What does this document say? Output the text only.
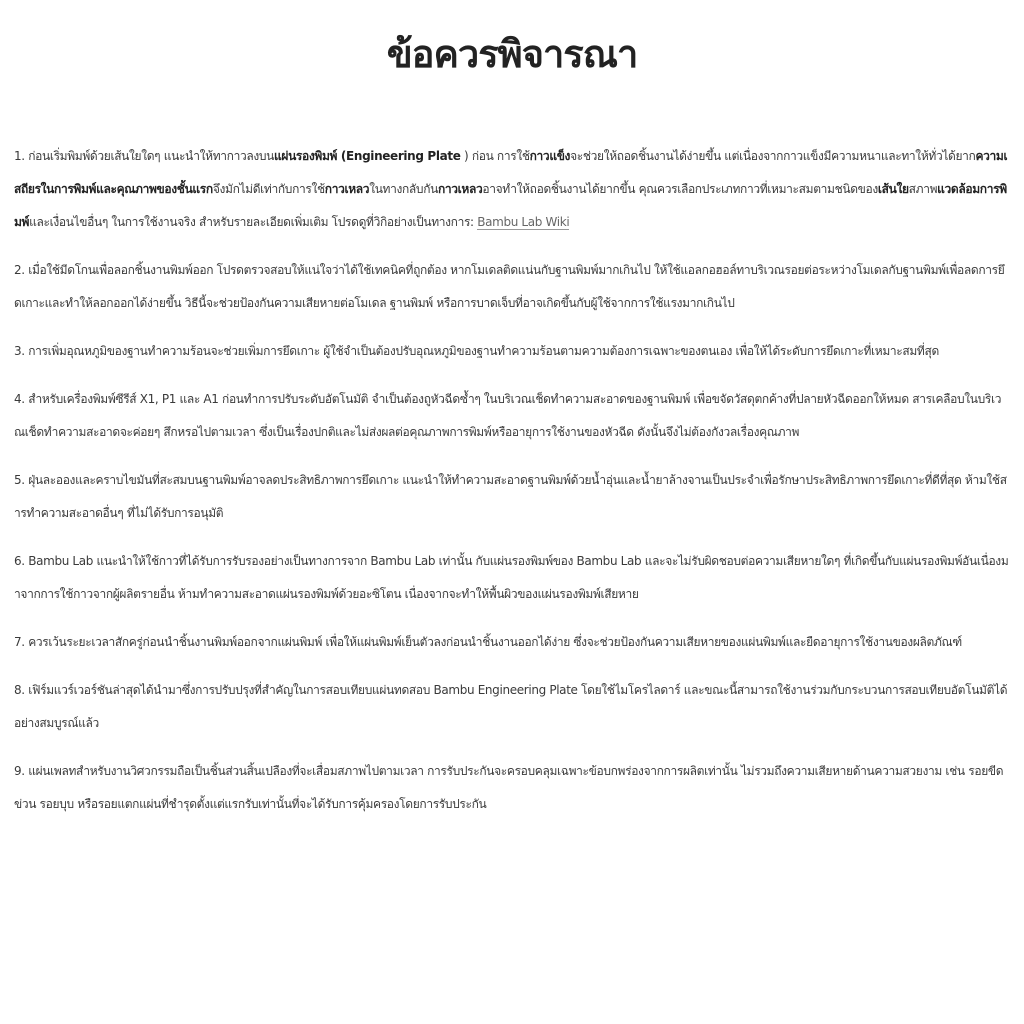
ข้อควรพิจารณา
1. ก่อนเริ่มพิมพ์ด้วยเส้นใยใดๆ แนะนำให้ทากาวลงบนแผ่นรองพิมพ์ (Engineering Plate ) ก่อน การใช้กาวแข็งจะช่วยให้ถอดชิ้นงานได้ง่ายขึ้น แต่เนื่องจากกาวแข็งมีความหนาและทาให้ทั่วได้ยากความเสถียรในการพิมพ์และคุณภาพของชั้นแรกจึงมักไม่ดีเท่ากับการใช้กาวเหลวในทางกลับกันกาวเหลวอาจทำให้ถอดชิ้นงานได้ยากขึ้น คุณควรเลือกประเภทกาวที่เหมาะสมตามชนิดของเส้นใยสภาพแวดล้อมการพิมพ์และเงื่อนไขอื่นๆ ในการใช้งานจริง สำหรับรายละเอียดเพิ่มเติม โปรดดูที่วิกิอย่างเป็นทางการ: Bambu Lab Wiki
2. เมื่อใช้มีดโกนเพื่อลอกชิ้นงานพิมพ์ออก โปรดตรวจสอบให้แน่ใจว่าได้ใช้เทคนิคที่ถูกต้อง หากโมเดลติดแน่นกับฐานพิมพ์มากเกินไป ให้ใช้แอลกอฮอล์ทาบริเวณรอยต่อระหว่างโมเดลกับฐานพิมพ์เพื่อลดการยึดเกาะและทำให้ลอกออกได้ง่ายขึ้น วิธีนี้จะช่วยป้องกันความเสียหายต่อโมเดล ฐานพิมพ์ หรือการบาดเจ็บที่อาจเกิดขึ้นกับผู้ใช้จากการใช้แรงมากเกินไป
3. การเพิ่มอุณหภูมิของฐานทำความร้อนจะช่วยเพิ่มการยึดเกาะ ผู้ใช้จำเป็นต้องปรับอุณหภูมิของฐานทำความร้อนตามความต้องการเฉพาะของตนเอง เพื่อให้ได้ระดับการยึดเกาะที่เหมาะสมที่สุด
4. สำหรับเครื่องพิมพ์ซีรีส์ X1, P1 และ A1 ก่อนทำการปรับระดับอัตโนมัติ จำเป็นต้องถูหัวฉีดซ้ำๆ ในบริเวณเช็ดทำความสะอาดของฐานพิมพ์ เพื่อขจัดวัสดุตกค้างที่ปลายหัวฉีดออกให้หมด สารเคลือบในบริเวณเช็ดทำความสะอาดจะค่อยๆ สึกหรอไปตามเวลา ซึ่งเป็นเรื่องปกติและไม่ส่งผลต่อคุณภาพการพิมพ์หรืออายุการใช้งานของหัวฉีด ดังนั้นจึงไม่ต้องกังวลเรื่องคุณภาพ
5. ฝุ่นละอองและคราบไขมันที่สะสมบนฐานพิมพ์อาจลดประสิทธิภาพการยึดเกาะ แนะนำให้ทำความสะอาดฐานพิมพ์ด้วยน้ำอุ่นและน้ำยาล้างจานเป็นประจำเพื่อรักษาประสิทธิภาพการยึดเกาะที่ดีที่สุด ห้ามใช้สารทำความสะอาดอื่นๆ ที่ไม่ได้รับการอนุมัติ
6. Bambu Lab แนะนำให้ใช้กาวที่ได้รับการรับรองอย่างเป็นทางการจาก Bambu Lab เท่านั้น กับแผ่นรองพิมพ์ของ Bambu Lab และจะไม่รับผิดชอบต่อความเสียหายใดๆ ที่เกิดขึ้นกับแผ่นรองพิมพ์อันเนื่องมาจากการใช้กาวจากผู้ผลิตรายอื่น ห้ามทำความสะอาดแผ่นรองพิมพ์ด้วยอะซิโตน เนื่องจากจะทำให้พื้นผิวของแผ่นรองพิมพ์เสียหาย
7. ควรเว้นระยะเวลาสักครู่ก่อนนำชิ้นงานพิมพ์ออกจากแผ่นพิมพ์ เพื่อให้แผ่นพิมพ์เย็นตัวลงก่อนนำชิ้นงานออกได้ง่าย ซึ่งจะช่วยป้องกันความเสียหายของแผ่นพิมพ์และยืดอายุการใช้งานของผลิตภัณฑ์
8. เฟิร์มแวร์เวอร์ชันล่าสุดได้นำมาซึ่งการปรับปรุงที่สำคัญในการสอบเทียบแผ่นทดสอบ Bambu Engineering Plate โดยใช้ไมโครไลดาร์ และขณะนี้สามารถใช้งานร่วมกับกระบวนการสอบเทียบอัตโนมัติได้อย่างสมบูรณ์แล้ว
9. แผ่นเพลทสำหรับงานวิศวกรรมถือเป็นชิ้นส่วนสิ้นเปลืองที่จะเสื่อมสภาพไปตามเวลา การรับประกันจะครอบคลุมเฉพาะข้อบกพร่องจากการผลิตเท่านั้น ไม่รวมถึงความเสียหายด้านความสวยงาม เช่น รอยขีดข่วน รอยบุบ หรือรอยแตกแผ่นที่ชำรุดตั้งแต่แรกรับเท่านั้นที่จะได้รับการคุ้มครองโดยการรับประกัน
